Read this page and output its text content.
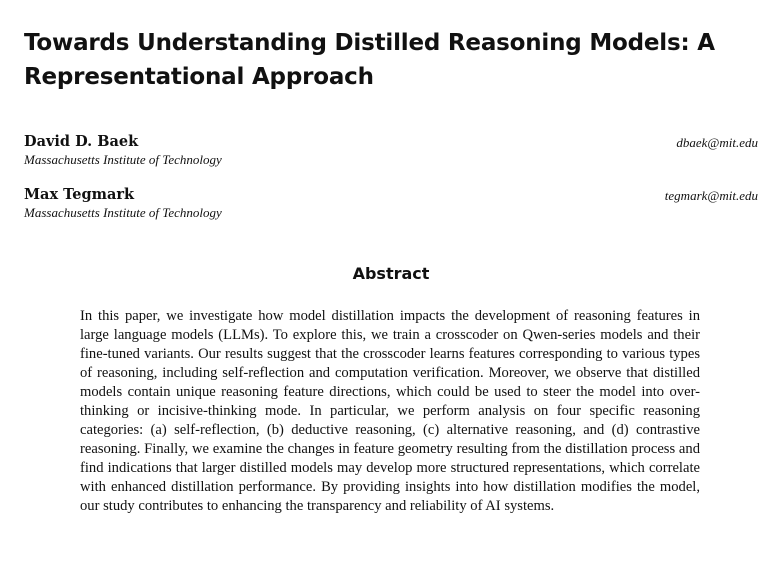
Towards Understanding Distilled Reasoning Models: A Representational Approach
David D. Baek
Massachusetts Institute of Technology
dbaek@mit.edu
Max Tegmark
Massachusetts Institute of Technology
tegmark@mit.edu
Abstract

In this paper, we investigate how model distillation impacts the development of reasoning features in large language models (LLMs). To explore this, we train a crosscoder on Qwen-series models and their fine-tuned variants. Our results suggest that the crosscoder learns features corresponding to various types of reasoning, including self-reflection and computation verification. Moreover, we observe that distilled models contain unique reasoning feature directions, which could be used to steer the model into over-thinking or incisive-thinking mode. In particular, we perform analysis on four specific reasoning categories: (a) self-reflection, (b) deductive reasoning, (c) alternative reasoning, and (d) contrastive reasoning. Finally, we examine the changes in feature geometry resulting from the distillation process and find indications that larger distilled models may develop more structured representations, which correlate with enhanced distillation performance. By providing insights into how distillation modifies the model, our study contributes to enhancing the transparency and reliability of AI systems.
